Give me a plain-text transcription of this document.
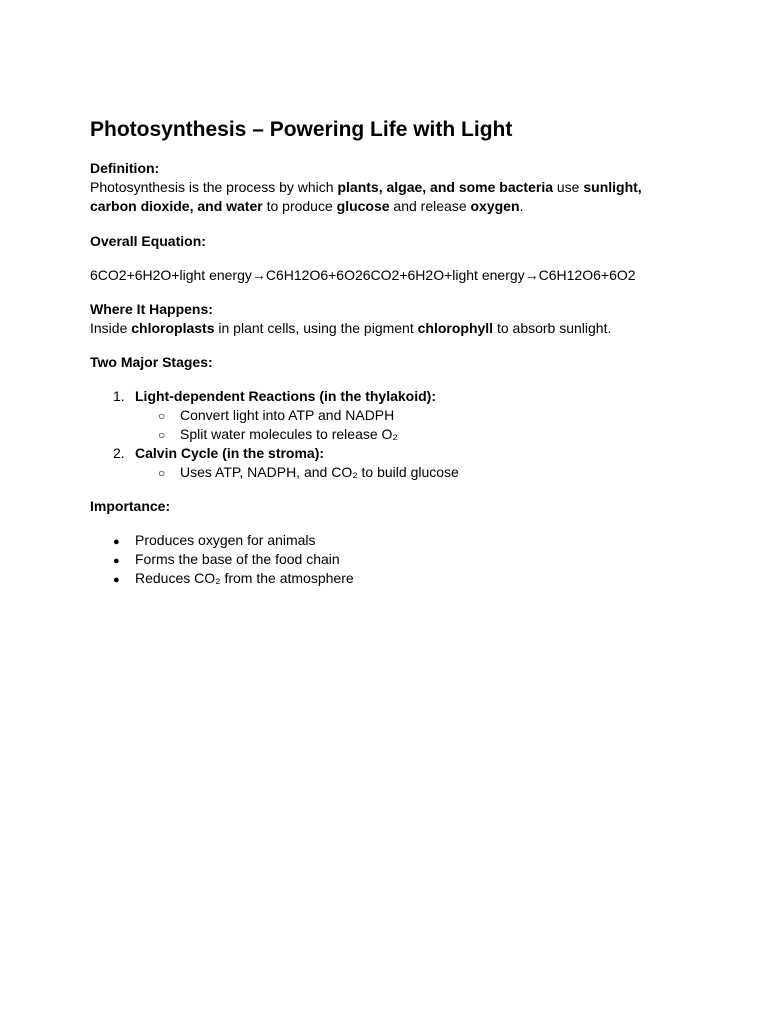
Photosynthesis – Powering Life with Light
Definition:
Photosynthesis is the process by which plants, algae, and some bacteria use sunlight,
carbon dioxide, and water to produce glucose and release oxygen.
Overall Equation:
6CO2+6H2O+light energy→C6H12O6+6O26CO2+6H2O+light energy→C6H12O6+6O2
Where It Happens:
Inside chloroplasts in plant cells, using the pigment chlorophyll to absorb sunlight.
Two Major Stages:
1. Light-dependent Reactions (in the thylakoid):
○ Convert light into ATP and NADPH
○ Split water molecules to release O₂
2. Calvin Cycle (in the stroma):
○ Uses ATP, NADPH, and CO₂ to build glucose
Importance:
● Produces oxygen for animals
● Forms the base of the food chain
● Reduces CO₂ from the atmosphere
